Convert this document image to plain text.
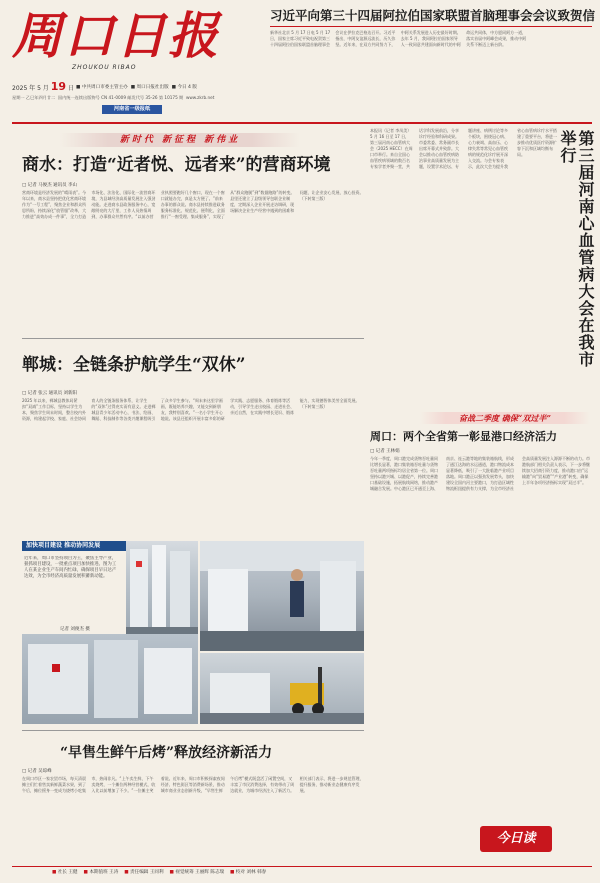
周口日报
ZHOUKOU RIBAO
2025 年 5 月 19 日 ■ 中共周口市委主管主办 ■ 周口日报社出版 ■ 今日 4 版
星期一 乙巳年四月廿二 国内统一连续出版物号 CN 41-0009 邮发代号 35-26 第 10175 期 www.zkrb.net
河南省一级报纸
习近平向第三十四届阿拉伯国家联盟首脑理事会会议致贺信
新华社北京 5 月 17 日电 5 月 17 日，国家主席习近平致电祝贺第三十四届阿拉伯国家联盟首脑理事会会议在伊拉克巴格达召开。习近平指出，中阿友谊源远流长，历久弥坚。近年来，在双方共同努力下，中阿关系发展进入历史最好时期。去年 5 月，我同阿拉伯国家领导人一致同意共建面向新时代的中阿命运共同体，中方愿同阿方一道，落实首届中阿峰会成果，推动中阿关系不断迈上新台阶。
本报讯（记者 李凤美）5 月 16 日至 17 日，第三届河南心血管病大会（2025 HECC）在周口市举行。来自全国心血管疾病领域的数百名专家学者齐聚一堂，共话学科发展前沿，分享诊疗经验和科研成果。市委常委、常务副市长出席开幕式并致辞。大会以推动心血管疾病防治事业高质量发展为主题，设置学术论坛、专题讲座、病例讨论等多个板块，围绕冠心病、心力衰竭、高血压、心律失常等常见心血管疾病的规范化诊疗展开深入交流。与会专家表示，此次大会为提升我省心血管病诊疗水平搭建了重要平台，将进一步推动优质医疗资源扩容下沉和区域均衡布局。	第三届河南心血管病大会在我市举行
新时代 新征程 新伟业
商水：打造“近者悦、远者来”的营商环境
□ 记者 马俊杰 通讯员 李山
营商环境是经济发展的“晴雨表”。今年以来，商水县坚持把优化营商环境作为“一号工程”，聚焦企业和群众所思所盼，持续深化“放管服”改革，大力推进“高效办成一件事”，全力打造市场化、法治化、国际化一流营商环境，为县域经济高质量发展注入强劲动能。走进商水县政务服务中心，宽敞明亮的大厅里，工作人员热情周到，办事群众井然有序。“以前办营业执照要跑好几个窗口，现在一个窗口就能办完，真是太方便了。”前来办事的群众说。商水县持续推进政务服务标准化、规范化、便利化，全面推行“一窗受理、集成服务”，实现了从“群众跑腿”到“数据跑路”的转变。县里还建立了县级领导包联企业制度，定期深入企业开展走访调研，现场解决企业生产经营中遇到的困难和问题，让企业安心发展、放心投资。（下转第三版）
郸城：全链条护航学生“双休”
□ 记者 张云 通讯员 刘新阳
2025 年以来，郸城县教体局紧扣“双减”工作目标，坚持以学生为本，聚焦学生周末时间，整合校内外资源，构建起学校、家庭、社会协同育人的全链条服务体系，让学生的“双休”过得充实而有意义。走进郸城县青少年活动中心，书法、绘画、舞蹈、科技制作等各类兴趣课程吸引了众多学生参与。“周末来这里学画画，既能培养兴趣，又能交到新朋友，我特别喜欢。”一名小学生开心地说。该县还组织开展丰富多彩的研学实践、志愿服务、体育锻炼等活动，引导学生走出校园、走进社会、亲近自然，在实践中增长见识、锻炼能力，实现德智体美劳全面发展。（下转第三版）
奋战二季度 确保“双过半”
周口：两个全省第一彰显港口经济活力
□ 记者 王林娟
今年一季度，周口港完成货物吞吐量同比增长显著，港口集装箱吞吐量与货物吞吐量两项指标均居全省第一位。周口坚持以港兴城、以港促产，持续完善港口基础设施，拓展航线网络，推动港产城融合发展。中心港区已开通至上海、南京、连云港等地的集装箱航线，形成了通江达海的水运通道，港口物流成本显著降低，吸引了一大批临港产业项目落地。周口港正以强劲发展势头，加快建设全国内河主要港口，为打造区域性物流枢纽提供有力支撑，为全市经济社会高质量发展注入源源不断的动力。市港航部门相关负责人表示，下一步将继续加大招商引资力度，推动港口由“运输港”向“贸易港”“产业港”转变，确保上半年各项经济指标实现“双过半”。
加快项目建设 推动协同发展
近年来，周口市坚持项目为王，聚焦主导产业，狠抓项目建设，一批重点项目加快推进。图为工人在某企业生产车间内忙碌，确保项目早日达产达效，为全市经济高质量发展积蓄新动能。
记者 刘俊杰 摄
“早售生鲜午后烤”释放经济新活力
□ 记者 吴琼峰
在周口市区一家农贸市场，每天清晨摊主们忙着售卖新鲜蔬菜水果，到了午后，摊位摇身一变成为烧烤小吃集市，热闹非凡。“上午卖生鲜，下午卖烧烤，一个摊位两种经营模式，收入比以前增加了不少。”一位摊主笑着说。近年来，周口市积极探索夜间经济、特色街区等消费新场景，推动城市商业业态创新升级，“早售生鲜午后烤”模式既盘活了闲置空间，又丰富了市民消费选择，有效带动了周边就业，为城市经济注入了新活力。相关部门表示，将进一步规范管理，提升服务，推动新业态健康有序发展。
今日读
■ 社长 王健 ■ 本期值班 王涛 ■ 责任编辑 王同利 ■ 视觉统筹 王丽辉 陈志瑞 ■ 校对 刘林 韩春
